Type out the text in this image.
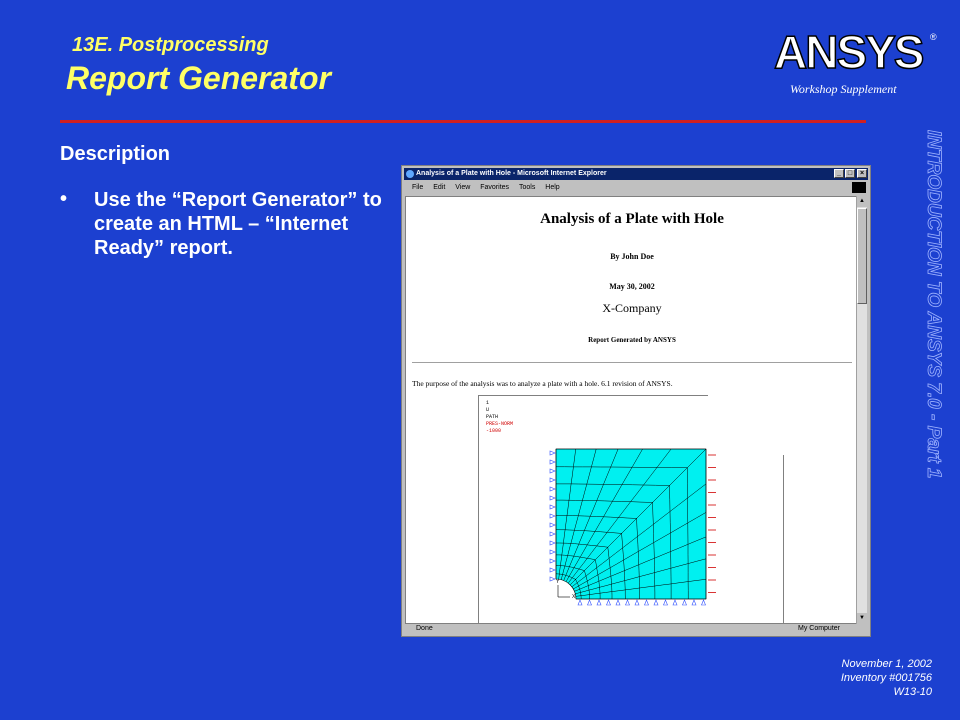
13E. Postprocessing
Report Generator	ANSYS ®
Workshop Supplement
INTRODUCTION TO ANSYS 7.0 - Part 1
Description
• Use the “Report Generator” to create an HTML – “Internet Ready” report.
Analysis of a Plate with Hole - Microsoft Internet Explorer	_ □	×
File Edit View Favorites Tools Help
Analysis of a Plate with Hole
By John Doe
May 30, 2002
X-Company
Report Generated by ANSYS
The purpose of the analysis was to analyze a plate with a hole. 6.1 revision of ANSYS.
1
U
PATH
PRES-NORM
-1000
X
Y
▲
▼
Done	My Computer
November 1, 2002
Inventory #001756
W13-10
